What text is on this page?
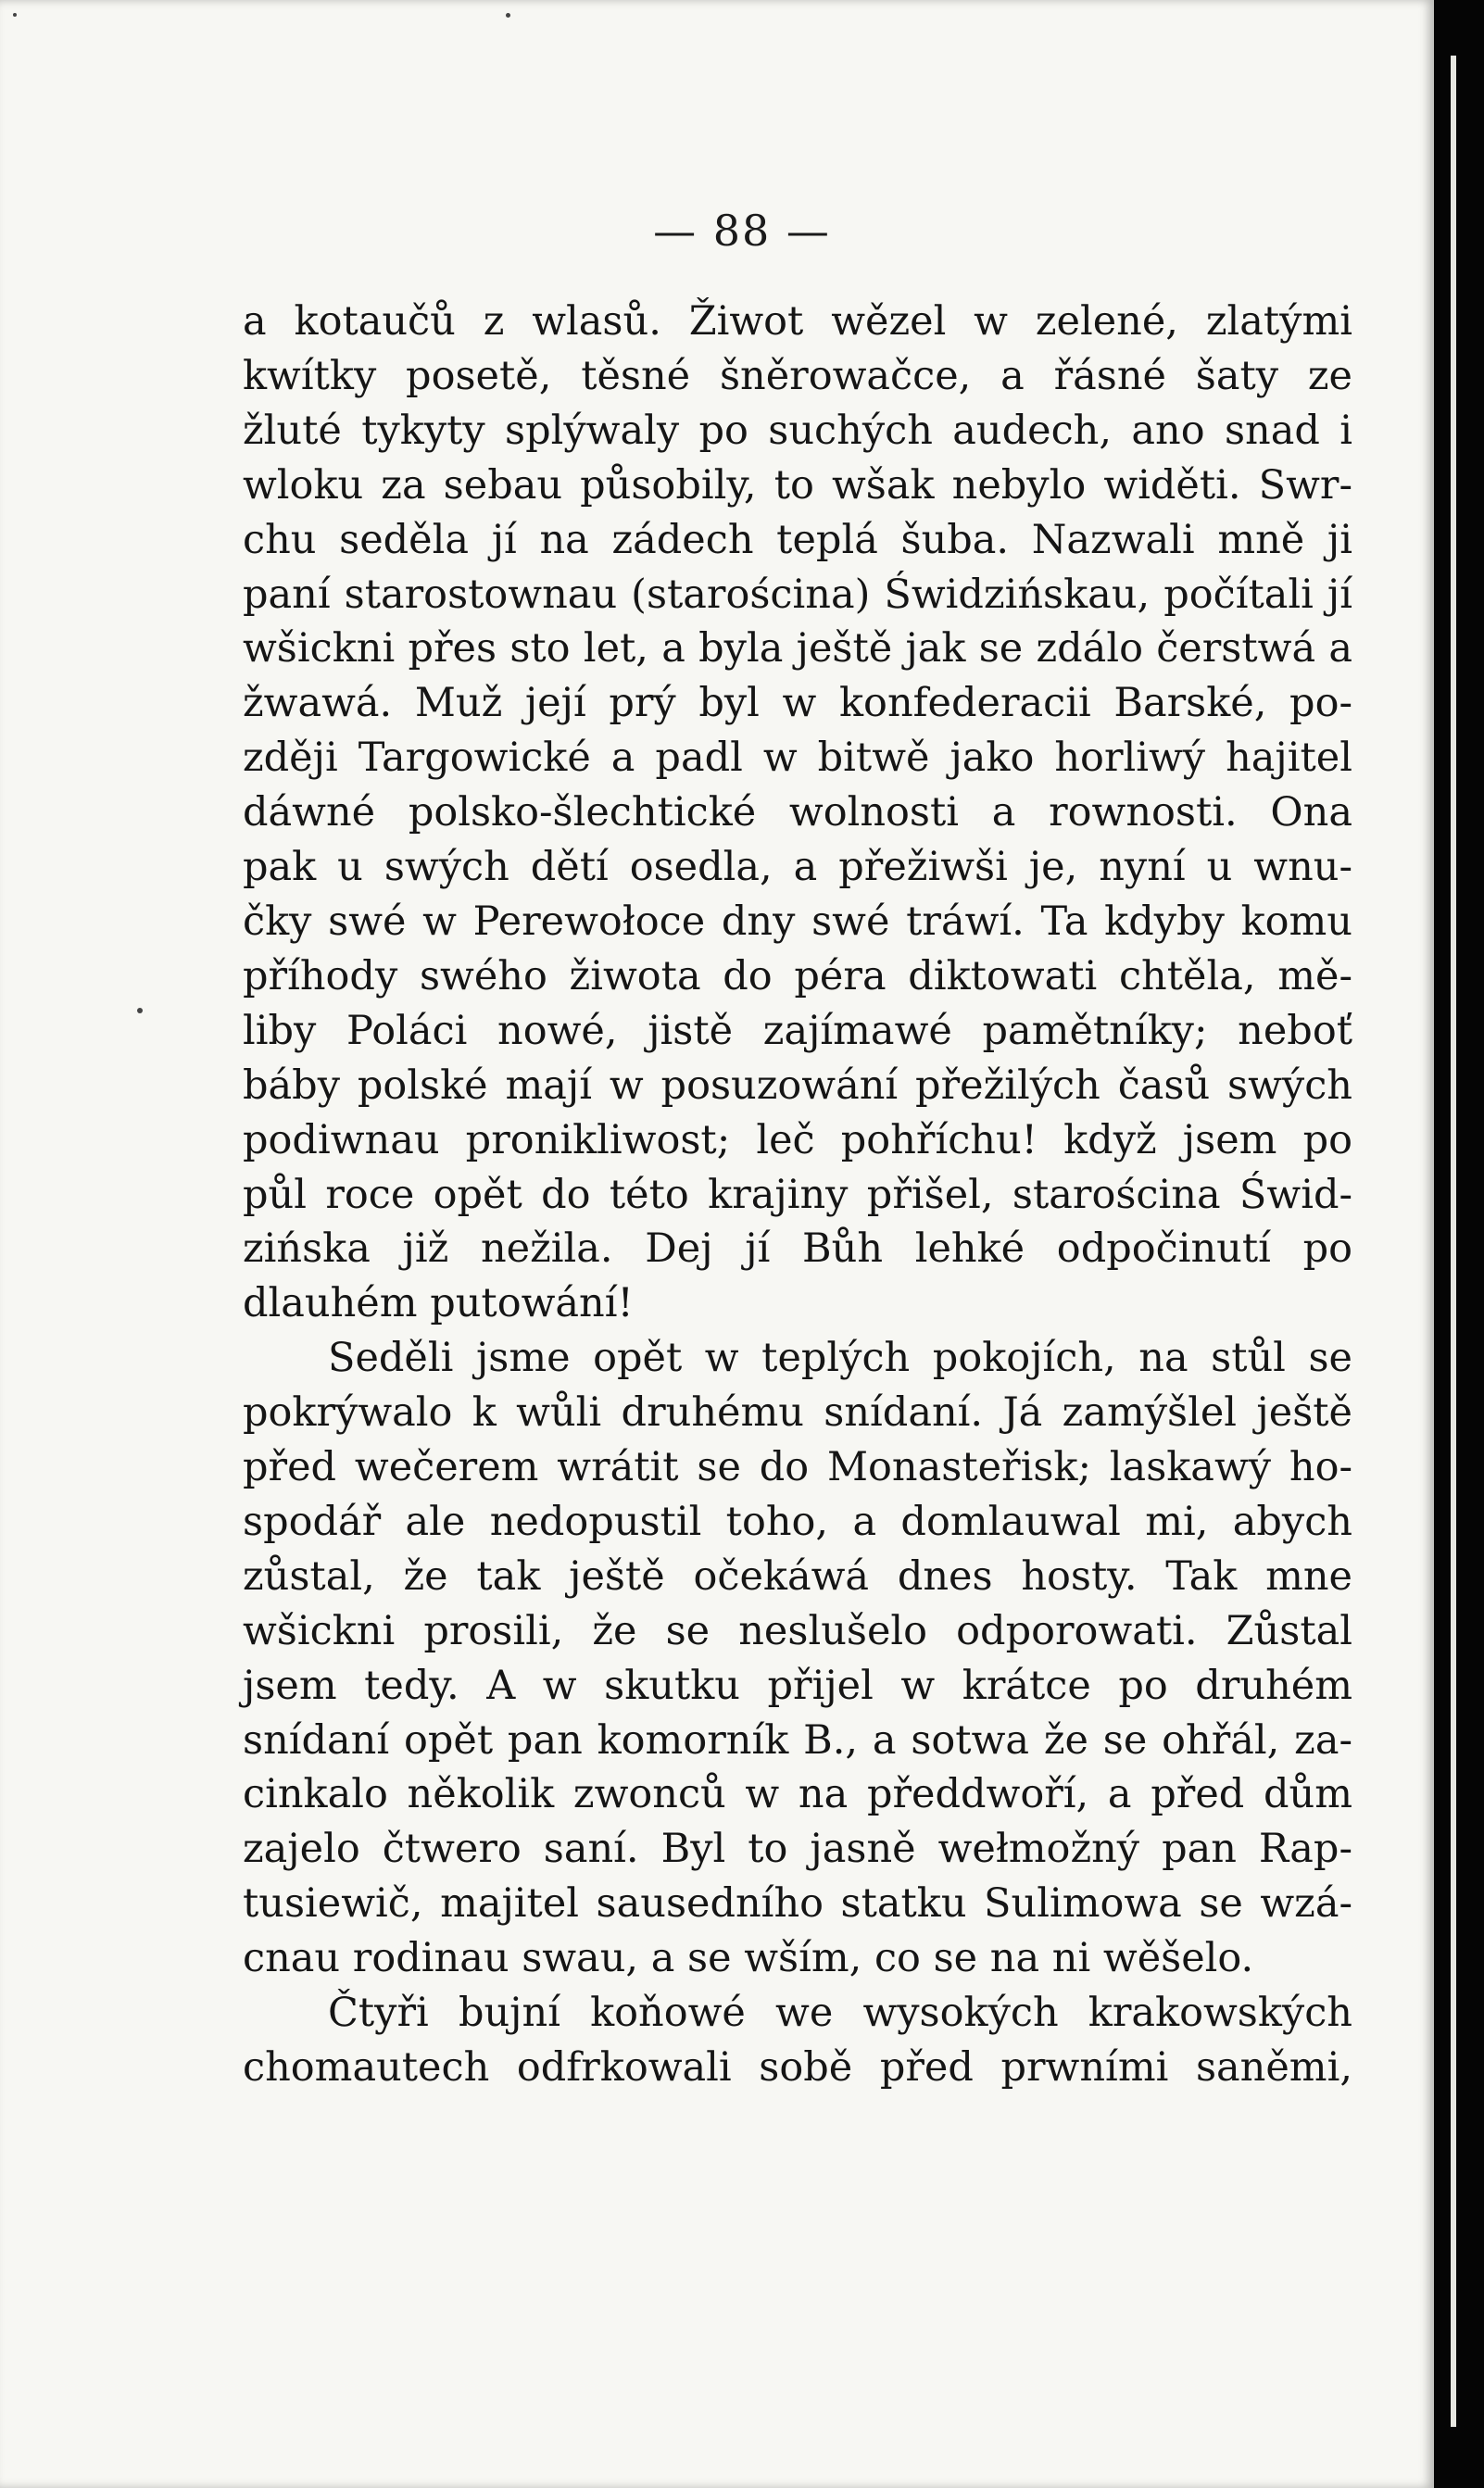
— 88 —
a kotaučů z wlasů. Žiwot wězel w zelené, zlatými
kwítky posetě, těsné šněrowačce, a řásné šaty ze
žluté tykyty splýwaly po suchých audech, ano snad i
wloku za sebau působily, to wšak nebylo widěti. Swr-
chu seděla jí na zádech teplá šuba. Nazwali mně ji
paní starostownau (starościna) Świdzińskau, počítali jí
wšickni přes sto let, a byla ještě jak se zdálo čerstwá a
žwawá. Muž její prý byl w konfederacii Barské, po-
zději Targowické a padl w bitwě jako horliwý hajitel
dáwné polsko-šlechtické wolnosti a rownosti. Ona
pak u swých dětí osedla, a přežiwši je, nyní u wnu-
čky swé w Perewołoce dny swé tráwí. Ta kdyby komu
příhody swého žiwota do péra diktowati chtěla, mě-
liby Poláci nowé, jistě zajímawé pamětníky; neboť
báby polské mají w posuzowání přežilých časů swých
podiwnau pronikliwost; leč pohříchu! když jsem po
půl roce opět do této krajiny přišel, starościna Świd-
zińska již nežila. Dej jí Bůh lehké odpočinutí po
dlauhém putowání!
Seděli jsme opět w teplých pokojích, na stůl se
pokrýwalo k wůli druhému snídaní. Já zamýšlel ještě
před wečerem wrátit se do Monasteřisk; laskawý ho-
spodář ale nedopustil toho, a domlauwal mi, abych
zůstal, že tak ještě očekáwá dnes hosty. Tak mne
wšickni prosili, že se neslušelo odporowati. Zůstal
jsem tedy. A w skutku přijel w krátce po druhém
snídaní opět pan komorník B., a sotwa že se ohřál, za-
cinkalo několik zwonců w na předdwoří, a před dům
zajelo čtwero saní. Byl to jasně wełmožný pan Rap-
tusiewič, majitel sausedního statku Sulimowa se wzá-
cnau rodinau swau, a se wším, co se na ni wěšelo.
Čtyři bujní koňowé we wysokých krakowských
chomautech odfrkowali sobě před prwními saněmi,
